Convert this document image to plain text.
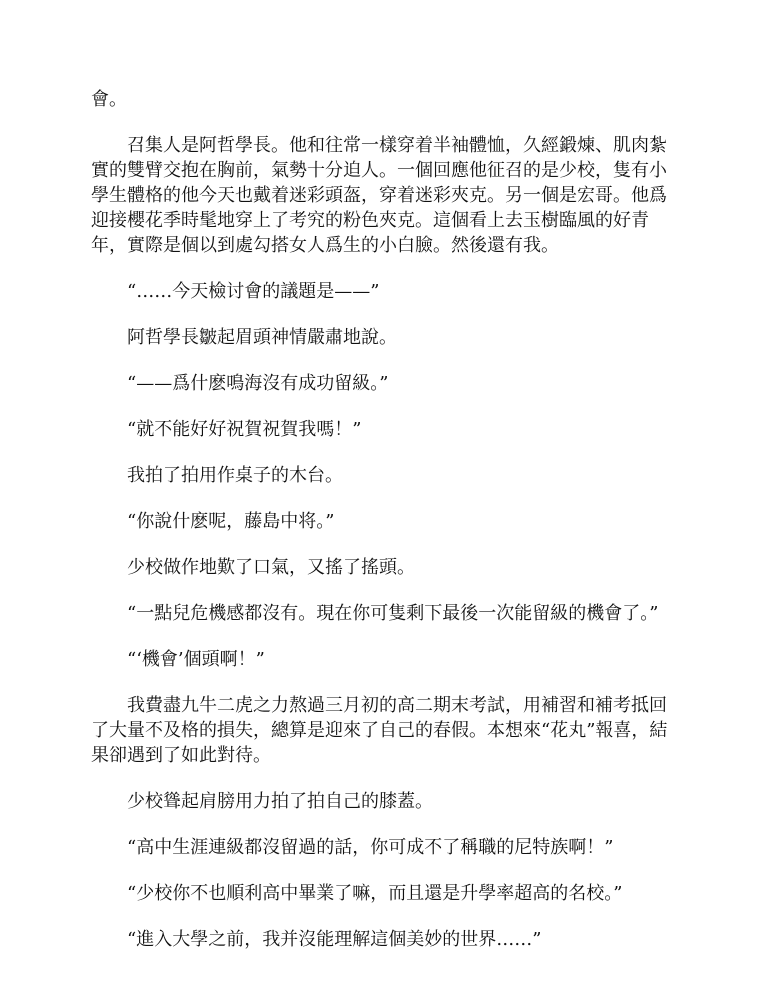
會。

召集人是阿哲學長。他和往常一樣穿着半袖體恤，久經鍛煉、肌肉紮實的雙臂交抱在胸前，氣勢十分迫人。一個回應他征召的是少校，隻有小學生體格的他今天也戴着迷彩頭盔，穿着迷彩夾克。另一個是宏哥。他爲迎接櫻花季時髦地穿上了考究的粉色夾克。這個看上去玉樹臨風的好青年，實際是個以到處勾搭女人爲生的小白臉。然後還有我。

“……今天檢讨會的議題是——”

阿哲學長皺起眉頭神情嚴肅地說。

“——爲什麽鳴海沒有成功留級。”

“就不能好好祝賀祝賀我嗎！”

我拍了拍用作桌子的木台。

“你說什麽呢，藤島中将。”

少校做作地歎了口氣，又搖了搖頭。

“一點兒危機感都沒有。現在你可隻剩下最後一次能留級的機會了。”

“‘機會’個頭啊！”

我費盡九牛二虎之力熬過三月初的高二期末考試，用補習和補考抵回了大量不及格的損失，總算是迎來了自己的春假。本想來“花丸”報喜，結果卻遇到了如此對待。

少校聳起肩膀用力拍了拍自己的膝蓋。

“高中生涯連級都沒留過的話，你可成不了稱職的尼特族啊！”

“少校你不也順利高中畢業了嘛，而且還是升學率超高的名校。”

“進入大學之前，我并沒能理解這個美妙的世界……”
